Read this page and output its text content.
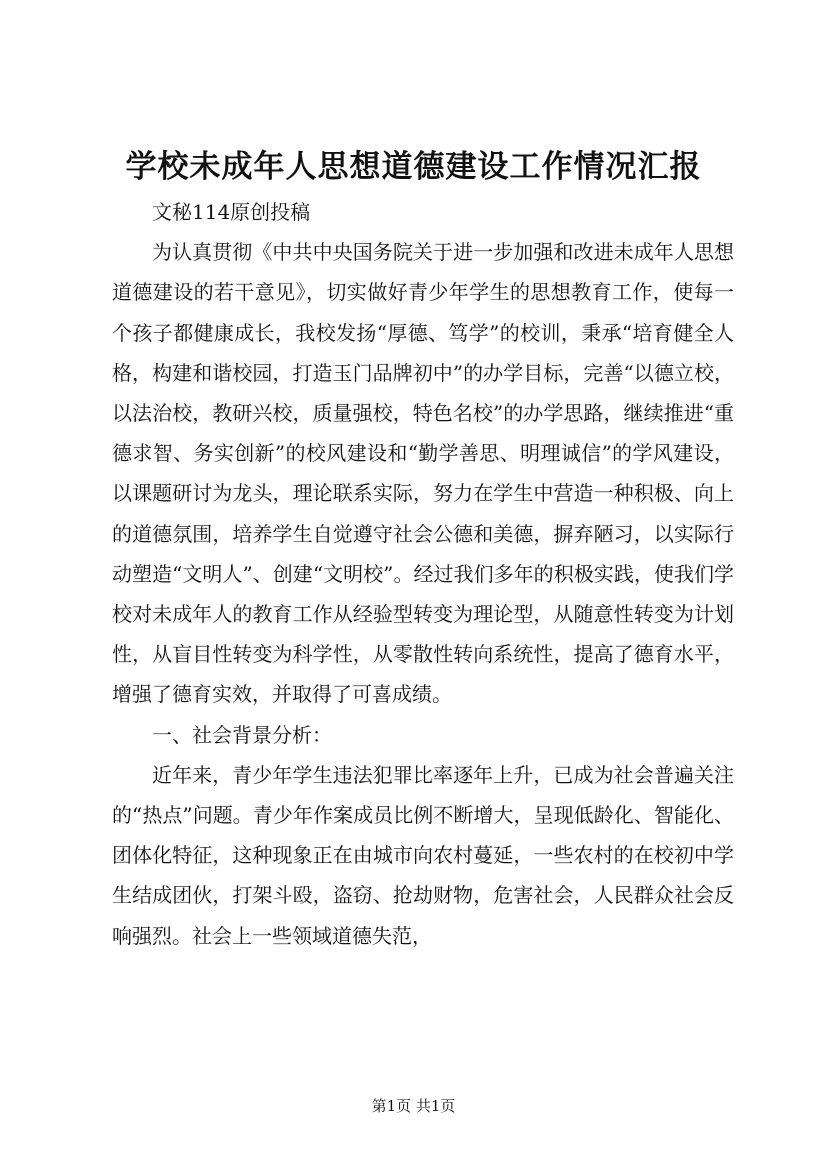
学校未成年人思想道德建设工作情况汇报

文秘114原创投稿

为认真贯彻《中共中央国务院关于进一步加强和改进未成年人思想道德建设的若干意见》，切实做好青少年学生的思想教育工作，使每一个孩子都健康成长，我校发扬“厚德、笃学”的校训，秉承“培育健全人格，构建和谐校园，打造玉门品牌初中”的办学目标，完善“以德立校，以法治校，教研兴校，质量强校，特色名校”的办学思路，继续推进“重德求智、务实创新”的校风建设和“勤学善思、明理诚信”的学风建设，以课题研讨为龙头，理论联系实际，努力在学生中营造一种积极、向上的道德氛围，培养学生自觉遵守社会公德和美德，摒弃陋习，以实际行动塑造“文明人”、创建“文明校”。经过我们多年的积极实践，使我们学校对未成年人的教育工作从经验型转变为理论型，从随意性转变为计划性，从盲目性转变为科学性，从零散性转向系统性，提高了德育水平，增强了德育实效，并取得了可喜成绩。

一、社会背景分析：

近年来，青少年学生违法犯罪比率逐年上升，已成为社会普遍关注的“热点”问题。青少年作案成员比例不断增大，呈现低龄化、智能化、团体化特征，这种现象正在由城市向农村蔓延，一些农村的在校初中学生结成团伙，打架斗殴，盗窃、抢劫财物，危害社会，人民群众社会反响强烈。社会上一些领域道德失范，

第1页 共1页
